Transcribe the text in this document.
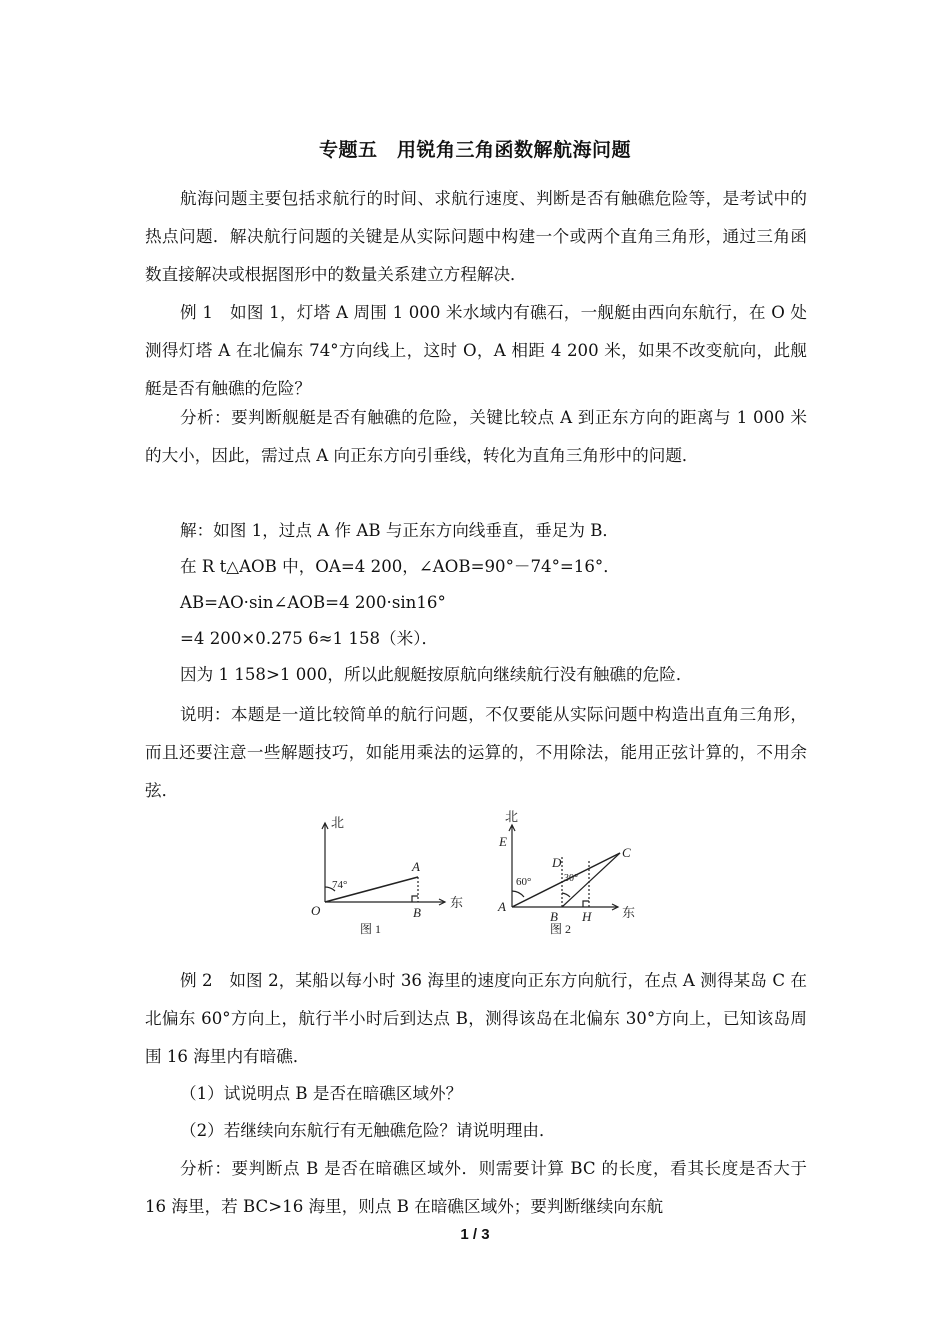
专题五　用锐角三角函数解航海问题

航海问题主要包括求航行的时间、求航行速度、判断是否有触礁危险等，是考试中的热点问题．解决航行问题的关键是从实际问题中构建一个或两个直角三角形，通过三角函数直接解决或根据图形中的数量关系建立方程解决．

例 1　如图 1，灯塔 A 周围 1 000 米水域内有礁石，一舰艇由西向东航行，在 O 处测得灯塔 A 在北偏东 74°方向线上，这时 O，A 相距 4 200 米，如果不改变航向，此舰艇是否有触礁的危险？

分析：要判断舰艇是否有触礁的危险，关键比较点 A 到正东方向的距离与 1 000 米的大小，因此，需过点 A 向正东方向引垂线，转化为直角三角形中的问题．

解：如图 1，过点 A 作 AB 与正东方向线垂直，垂足为 B．
在 R t△AOB 中，OA=4 200，∠AOB=90°－74°=16°．
AB=AO·sin∠AOB=4 200·sin16°
=4 200×0.275 6≈1 158（米）．
因为 1 158>1 000，所以此舰艇按原航向继续航行没有触礁的危险．

说明：本题是一道比较简单的航行问题，不仅要能从实际问题中构造出直角三角形，而且还要注意一些解题技巧，如能用乘法的运算的，不用除法，能用正弦计算的，不用余弦．

北
东
74°
O
A
B
图 1
北
东
E
A
B
C
D
H
60°	30°
图 2

例 2　如图 2，某船以每小时 36 海里的速度向正东方向航行，在点 A 测得某岛 C 在北偏东 60°方向上，航行半小时后到达点 B，测得该岛在北偏东 30°方向上，已知该岛周围 16 海里内有暗礁．

（1）试说明点 B 是否在暗礁区域外？
（2）若继续向东航行有无触礁危险？请说明理由．

分析：要判断点 B 是否在暗礁区域外．则需要计算 BC 的长度，看其长度是否大于 16 海里，若 BC>16 海里，则点 B 在暗礁区域外；要判断继续向东航

1 / 3
